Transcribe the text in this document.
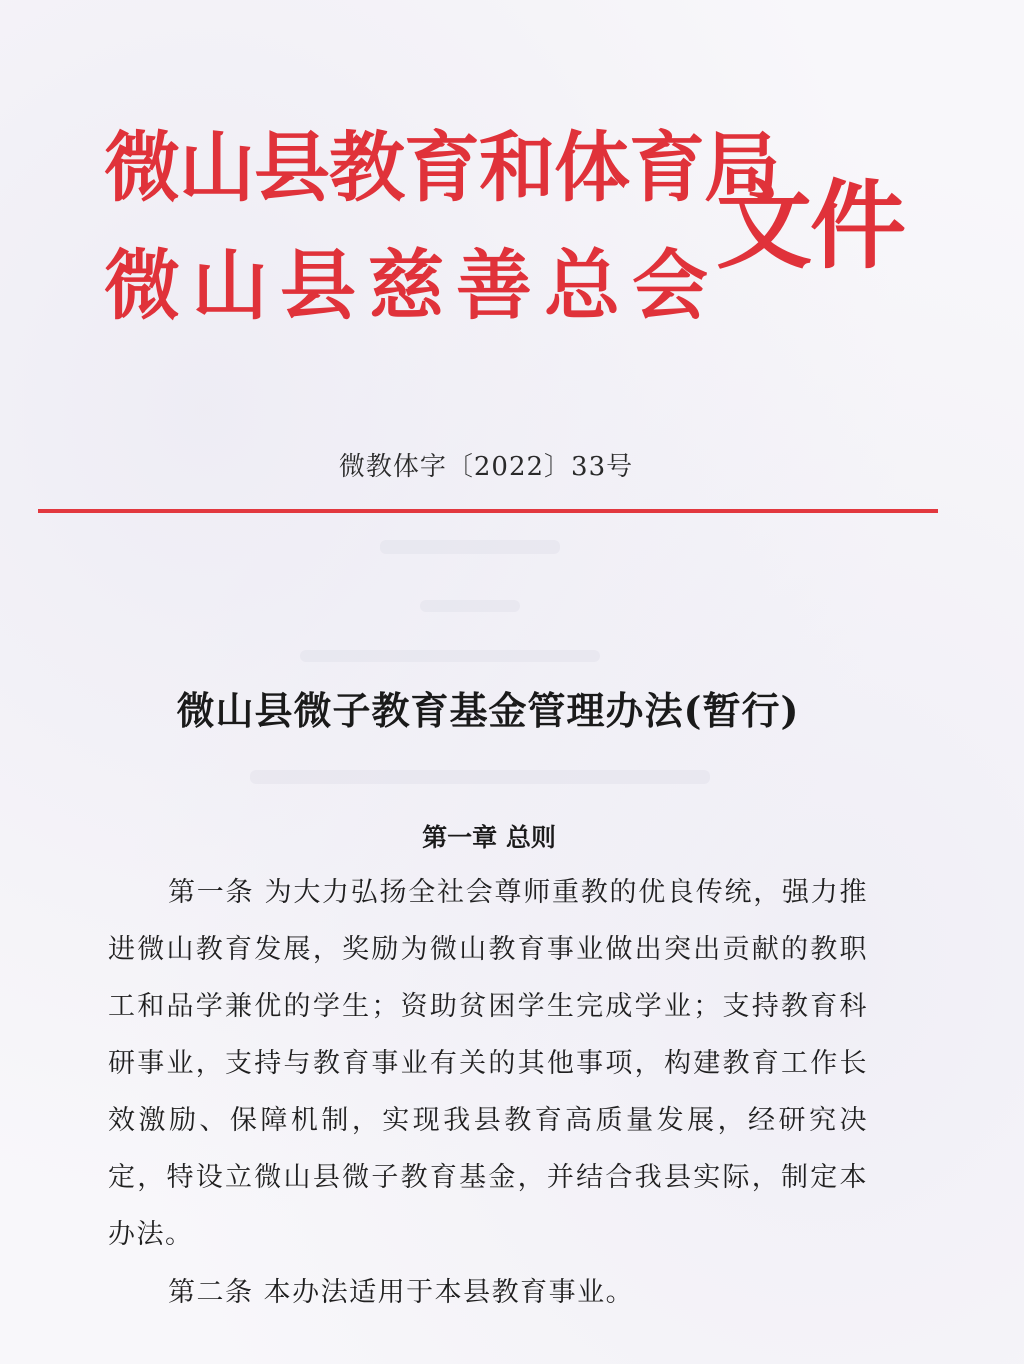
微山县教育和体育局
微山县慈善总会
文件
微教体字〔2022〕33号
微山县微子教育基金管理办法(暂行)
第一章 总则
第一条 为大力弘扬全社会尊师重教的优良传统，强力推进微山教育发展，奖励为微山教育事业做出突出贡献的教职工和品学兼优的学生；资助贫困学生完成学业；支持教育科研事业，支持与教育事业有关的其他事项，构建教育工作长效激励、保障机制，实现我县教育高质量发展，经研究决定，特设立微山县微子教育基金，并结合我县实际，制定本办法。
第二条 本办法适用于本县教育事业。
